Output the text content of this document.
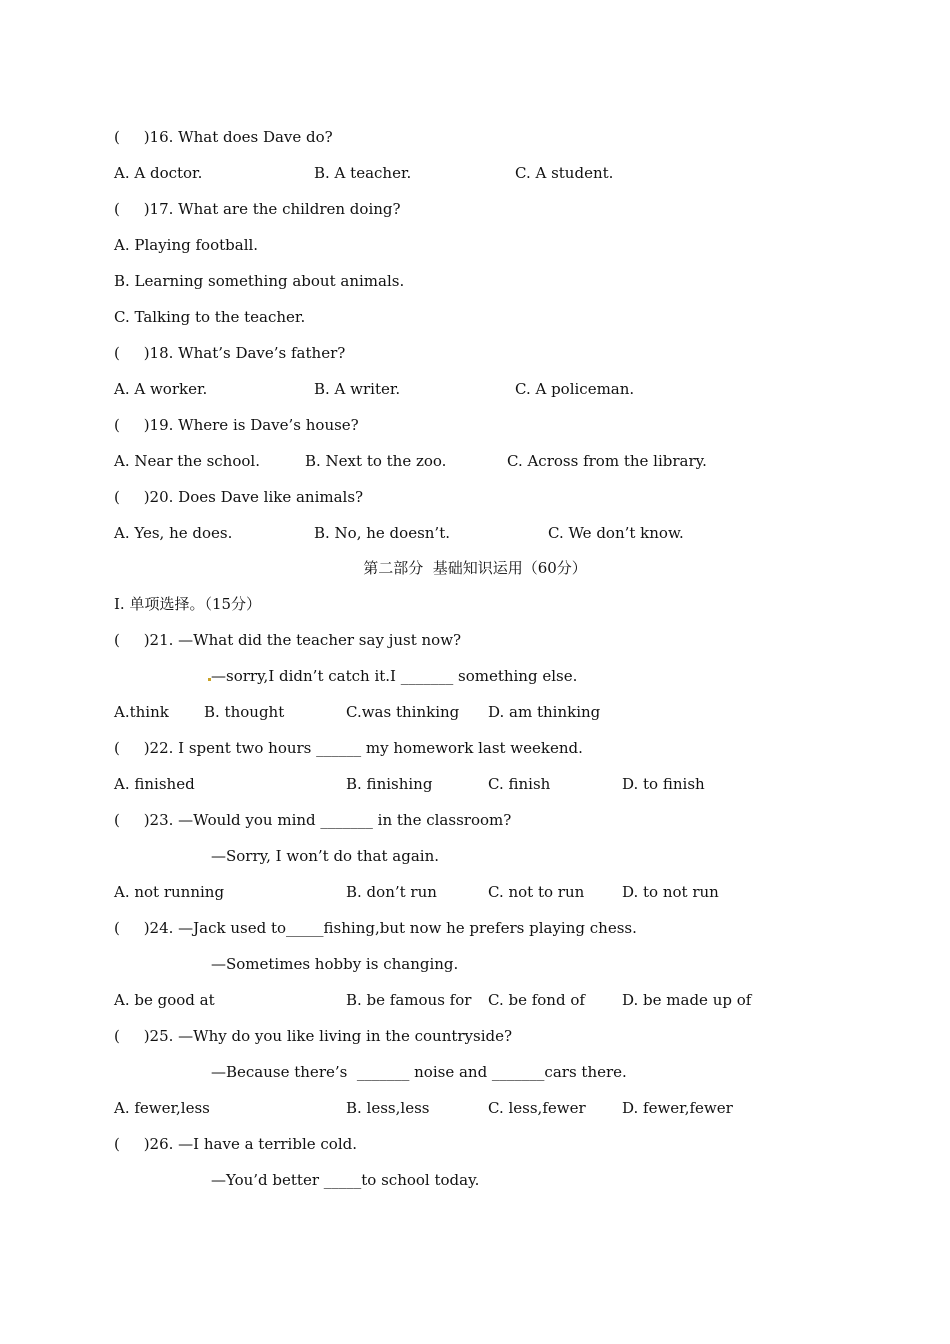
(     )16. What does Dave do?
A. A doctor.	B. A teacher.	C. A student.
(     )17. What are the children doing?
A. Playing football.
B. Learning something about animals.
C. Talking to the teacher.
(     )18. What’s Dave’s father?
A. A worker.	B. A writer.	C. A policeman.
(     )19. Where is Dave’s house?
A. Near the school.	B. Next to the zoo.	C. Across from the library.
(     )20. Does Dave like animals?
A. Yes, he does.	B. No, he doesn’t.	C. We don’t know.
第二部分  基础知识运用（60分）
Ⅰ. 单项选择。（15分）
(     )21. —What did the teacher say just now?
—sorry,I didn’t catch it.I _______ something else.
A.think B. thought	C.was thinking D. am thinking
(     )22. I spent two hours ______ my homework last weekend.
A. finished	B. finishing	C. finish	D. to finish
(     )23. —Would you mind _______ in the classroom?
—Sorry, I won’t do that again.
A. not running	B. don’t run	C. not to run	D. to not run
(     )24. —Jack used to_____fishing,but now he prefers playing chess.
—Sometimes hobby is changing.
A. be good at	B. be famous for C. be fond of D. be made up of
(     )25. —Why do you like living in the countryside?
—Because there’s  _______ noise and _______cars there.
A. fewer,less	B. less,less	C. less,fewer D. fewer,fewer
(     )26. —I have a terrible cold.
—You’d better _____to school today.
